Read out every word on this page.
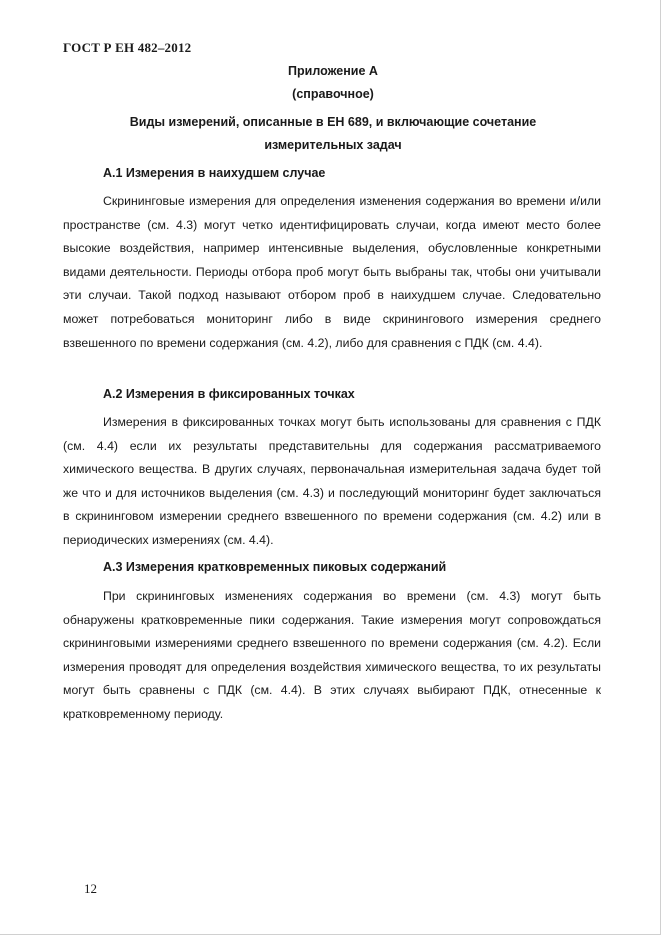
ГОСТ Р ЕН 482–2012
Приложение А
(справочное)
Виды измерений, описанные в ЕН 689, и включающие сочетание
измерительных задач
А.1 Измерения в наихудшем случае

Скрининговые измерения для определения изменения содержания во времени и/или пространстве (см. 4.3) могут четко идентифицировать случаи, когда имеют место более высокие воздействия, например интенсивные выделения, обусловленные конкретными видами деятельности. Периоды отбора проб могут быть выбраны так, чтобы они учитывали эти случаи. Такой подход называют отбором проб в наихудшем случае. Следовательно может потребоваться мониторинг либо в виде скринингового измерения среднего взвешенного по времени содержания (см. 4.2), либо для сравнения с ПДК (см. 4.4).

А.2 Измерения в фиксированных точках

Измерения в фиксированных точках могут быть использованы для сравнения с ПДК (см. 4.4) если их результаты представительны для содержания рассматриваемого химического вещества. В других случаях, первоначальная измерительная задача будет той же что и для источников выделения (см. 4.3) и последующий мониторинг будет заключаться в скрининговом измерении среднего взвешенного по времени содержания (см. 4.2) или в периодических измерениях (см. 4.4).

А.3 Измерения кратковременных пиковых содержаний

При скрининговых изменениях содержания во времени (см. 4.3) могут быть обнаружены кратковременные пики содержания. Такие измерения могут сопровождаться скрининговыми измерениями среднего взвешенного по времени содержания (см. 4.2). Если измерения проводят для определения воздействия химического вещества, то их результаты могут быть сравнены с ПДК (см. 4.4). В этих случаях выбирают ПДК, отнесенные к кратковременному периоду.

12
